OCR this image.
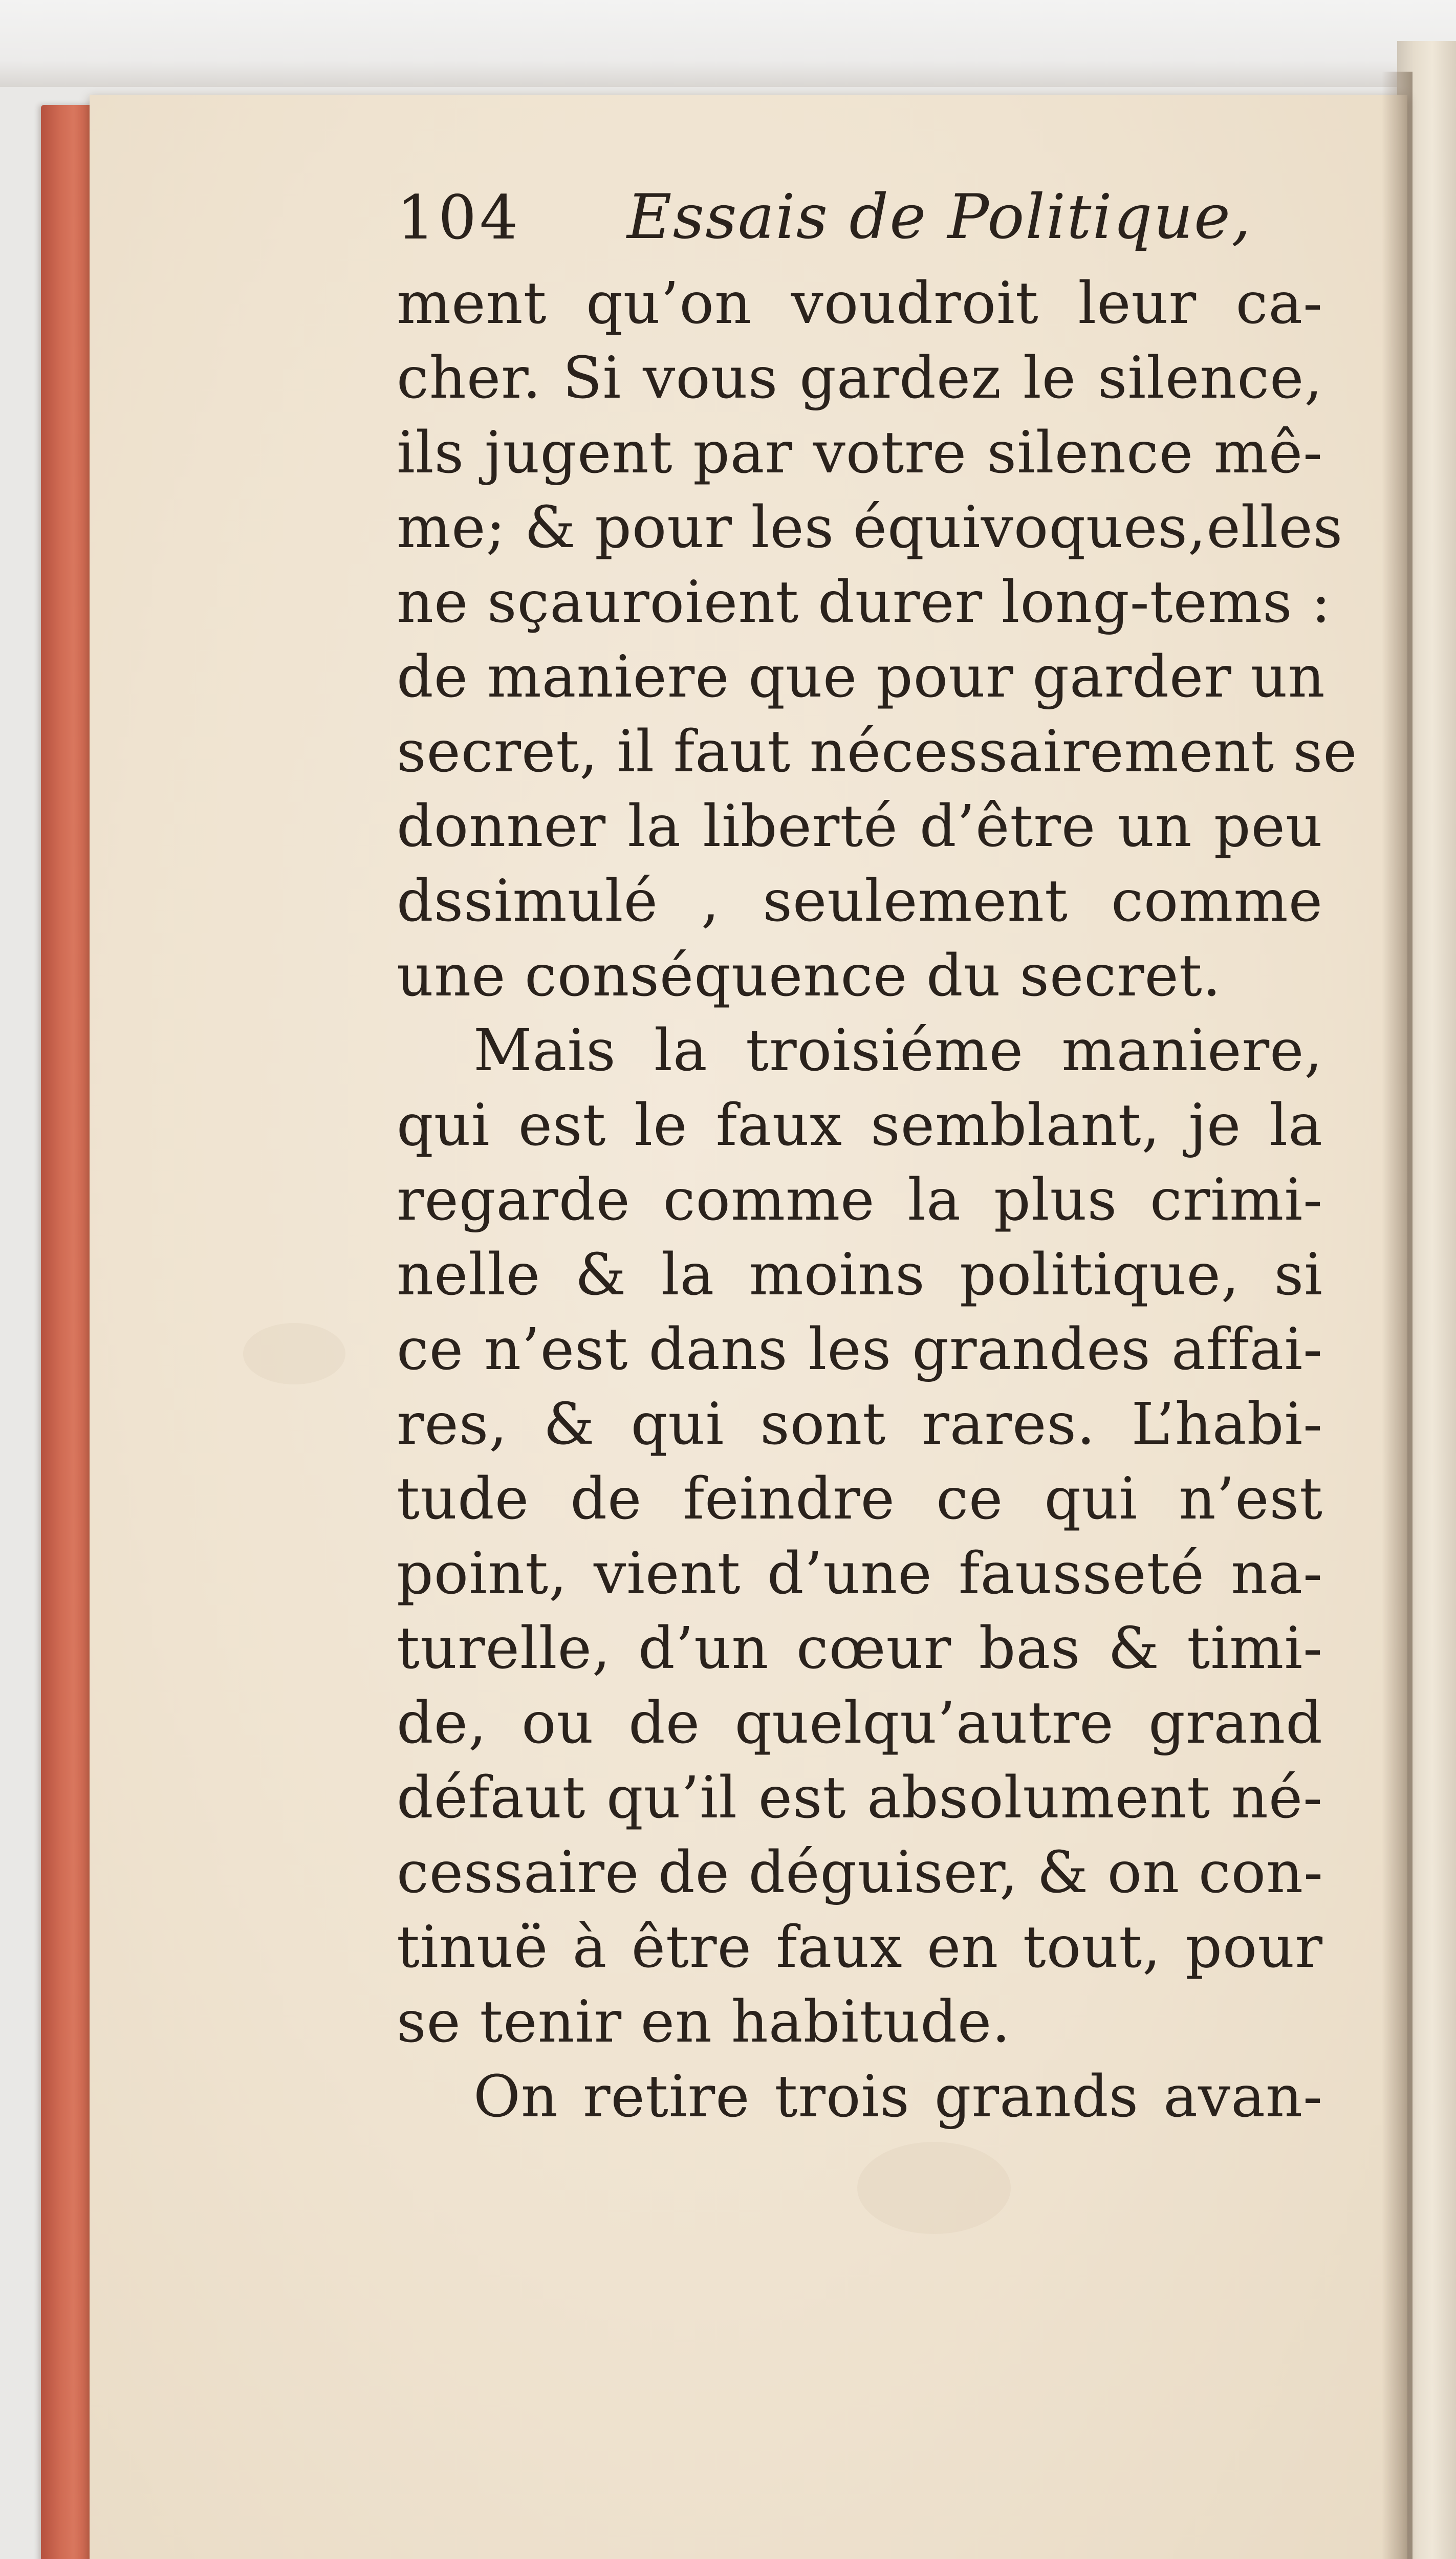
104 Essais de Politique,
ment qu’on voudroit leur ca-
cher. Si vous gardez le silence,
ils jugent par votre silence mê-
me; & pour les équivoques,elles
ne sçauroient durer long-tems :
de maniere que pour garder un
secret, il faut nécessairement se
donner la liberté d’être un peu
dssimulé , seulement comme
une conséquence du secret.
Mais la troisiéme maniere,
qui est le faux semblant, je la
regarde comme la plus crimi-
nelle & la moins politique, si
ce n’est dans les grandes affai-
res, & qui sont rares. L’habi-
tude de feindre ce qui n’est
point, vient d’une fausseté na-
turelle, d’un cœur bas & timi-
de, ou de quelqu’autre grand
défaut qu’il est absolument né-
cessaire de déguiser, & on con-
tinuë à être faux en tout, pour
se tenir en habitude.
On retire trois grands avan-
